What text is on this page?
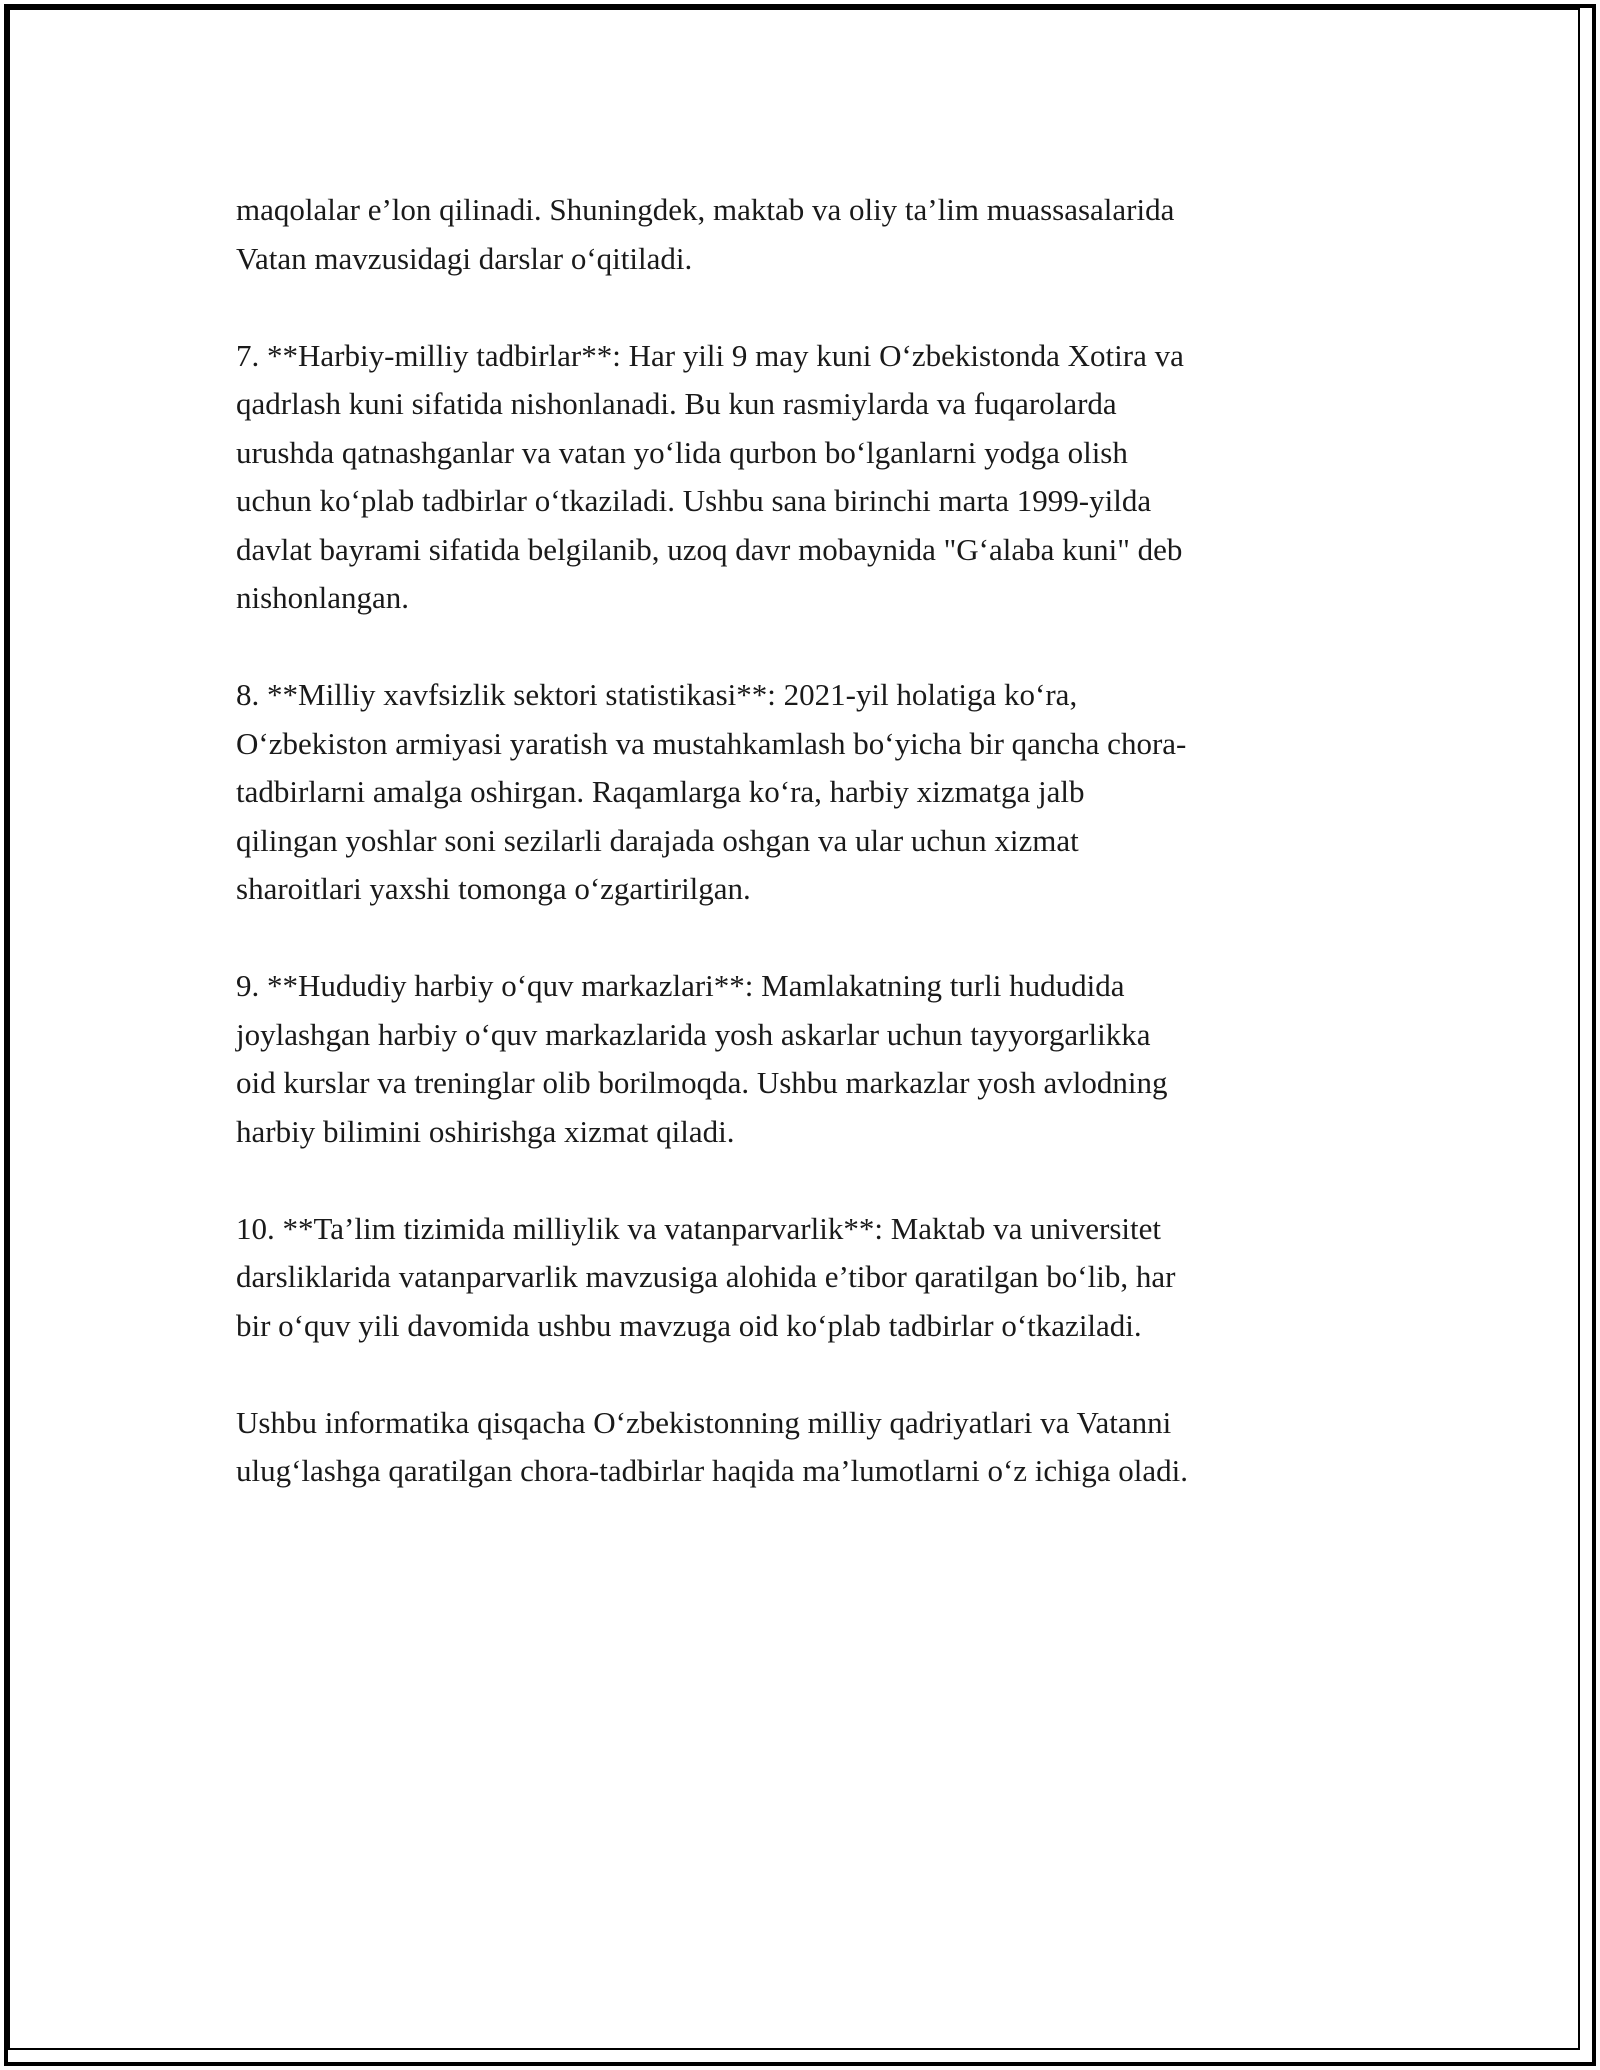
maqolalar e’lon qilinadi. Shuningdek, maktab va oliy ta’lim muassasalarida
Vatan mavzusidagi darslar o‘qitiladi.

7. **Harbiy-milliy tadbirlar**: Har yili 9 may kuni O‘zbekistonda Xotira va
qadrlash kuni sifatida nishonlanadi. Bu kun rasmiylarda va fuqarolarda
urushda qatnashganlar va vatan yo‘lida qurbon bo‘lganlarni yodga olish
uchun ko‘plab tadbirlar o‘tkaziladi. Ushbu sana birinchi marta 1999-yilda
davlat bayrami sifatida belgilanib, uzoq davr mobaynida "G‘alaba kuni" deb
nishonlangan.

8. **Milliy xavfsizlik sektori statistikasi**: 2021-yil holatiga ko‘ra,
O‘zbekiston armiyasi yaratish va mustahkamlash bo‘yicha bir qancha chora-
tadbirlarni amalga oshirgan. Raqamlarga ko‘ra, harbiy xizmatga jalb
qilingan yoshlar soni sezilarli darajada oshgan va ular uchun xizmat
sharoitlari yaxshi tomonga o‘zgartirilgan.

9. **Hududiy harbiy o‘quv markazlari**: Mamlakatning turli hududida
joylashgan harbiy o‘quv markazlarida yosh askarlar uchun tayyorgarlikka
oid kurslar va treninglar olib borilmoqda. Ushbu markazlar yosh avlodning
harbiy bilimini oshirishga xizmat qiladi.

10. **Ta’lim tizimida milliylik va vatanparvarlik**: Maktab va universitet
darsliklarida vatanparvarlik mavzusiga alohida e’tibor qaratilgan bo‘lib, har
bir o‘quv yili davomida ushbu mavzuga oid ko‘plab tadbirlar o‘tkaziladi.

Ushbu informatika qisqacha O‘zbekistonning milliy qadriyatlari va Vatanni
ulug‘lashga qaratilgan chora-tadbirlar haqida ma’lumotlarni o‘z ichiga oladi.
